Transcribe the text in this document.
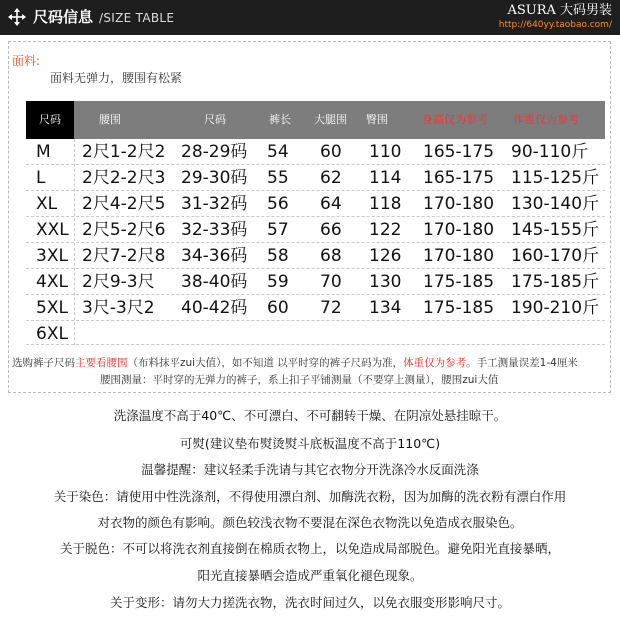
尺码信息 /SIZE TABLE	ASURA 大码男装
http://640yy.taobao.com/
面料:
面料无弹力，腰围有松紧
尺码	腰围	尺码	裤长 大腿围 臀围	身高仅为参考 体重仅为参考
M 2尺1-2尺2 28-29码 54 60 110 165-175 90-110斤
L 2尺2-2尺3 29-30码 55 62 114 165-175 115-125斤
XL 2尺4-2尺5 31-32码 56 64 118 170-180 130-140斤
XXL 2尺5-2尺6 32-33码 57 66 122 170-180 145-155斤
3XL 2尺7-2尺8 34-36码 58 68 126 170-180 160-170斤
4XL 2尺9-3尺 38-40码 59 70 130 175-185 175-185斤
5XL 3尺-3尺2 40-42码 60 72 134 175-185 190-210斤
6XL
选购裤子尺码主要看腰围（布料抹平zui大值），如不知道 以平时穿的裤子尺码为准，体重仅为参考。手工测量误差1-4厘米
腰围测量：平时穿的无弹力的裤子，系上扣子平铺测量（不要穿上测量），腰围zui大值
洗涤温度不高于40℃、不可漂白、不可翻转干燥、在阴凉处悬挂晾干。
可熨(建议垫布熨烫熨斗底板温度不高于110℃)
温馨提醒：建议轻柔手洗请与其它衣物分开洗涤冷水反面洗涤
关于染色：请使用中性洗涤剂，不得使用漂白剂、加酶洗衣粉，因为加酶的洗衣粉有漂白作用
对衣物的颜色有影响。颜色较浅衣物不要混在深色衣物洗以免造成衣服染色。
关于脱色：不可以将洗衣剂直接倒在棉质衣物上，以免造成局部脱色。避免阳光直接暴晒，
阳光直接暴晒会造成严重氧化褪色现象。
关于变形：请勿大力搓洗衣物，洗衣时间过久，以免衣服变形影响尺寸。
